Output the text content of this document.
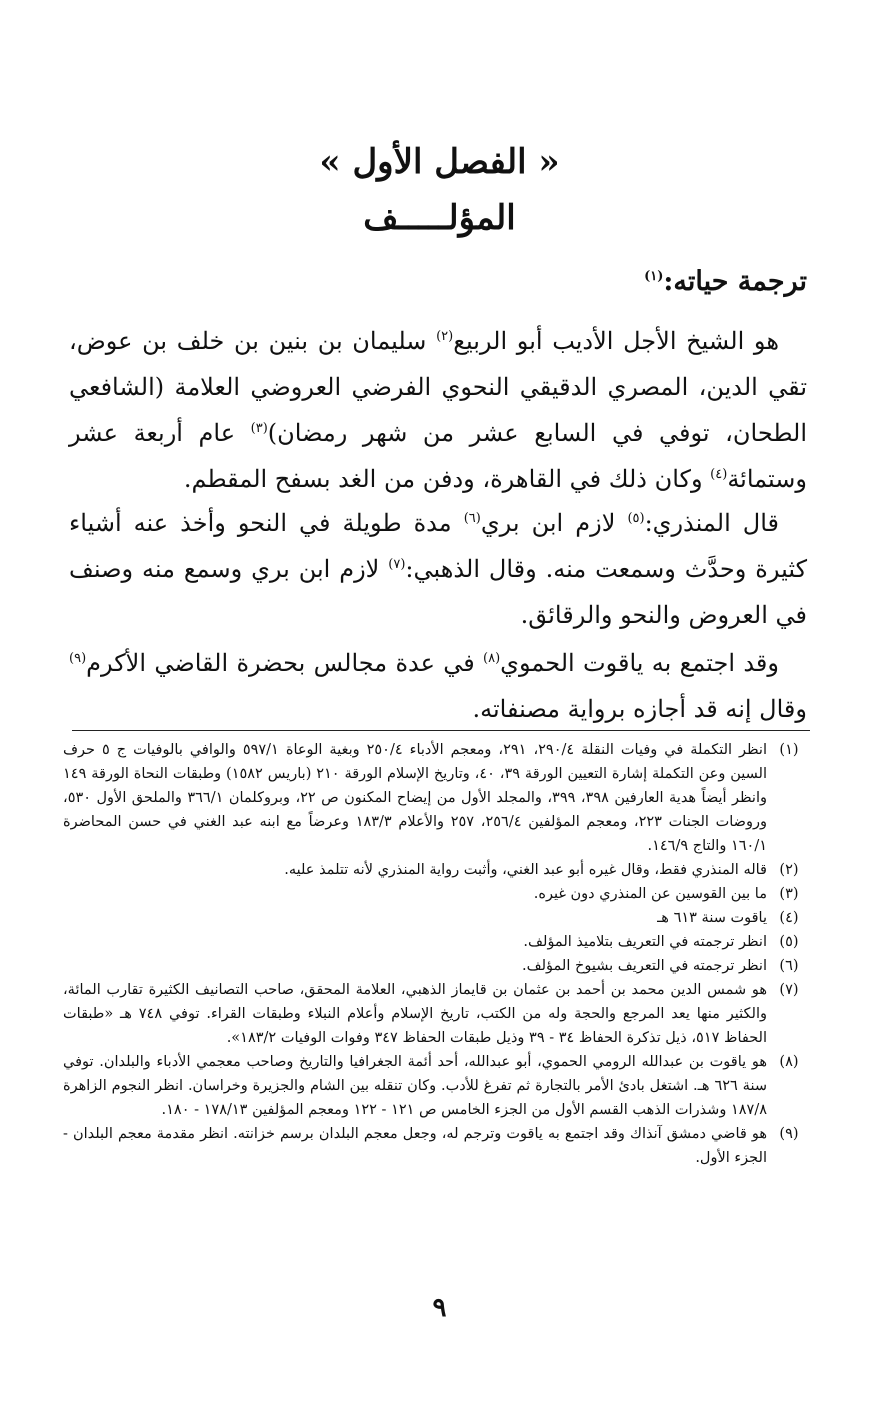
« الفصل الأول »
المؤلـــــف
ترجمة حياته:$^{(١)}$

هو الشيخ الأجل الأديب أبو الربيع$^{(٢)}$ سليمان بن بنين بن خلف بن عوض، تقي الدين، المصري الدقيقي النحوي الفرضي العروضي العلامة (الشافعي الطحان، توفي في السابع عشر من شهر رمضان)$^{(٣)}$ عام أربعة عشر وستمائة$^{(٤)}$ وكان ذلك في القاهرة، ودفن من الغد بسفح المقطم.

قال المنذري:$^{(٥)}$ لازم ابن بري$^{(٦)}$ مدة طويلة في النحو وأخذ عنه أشياء كثيرة وحدَّث وسمعت منه. وقال الذهبي:$^{(٧)}$ لازم ابن بري وسمع منه وصنف في العروض والنحو والرقائق.

وقد اجتمع به ياقوت الحموي$^{(٨)}$ في عدة مجالس بحضرة القاضي الأكرم$^{(٩)}$ وقال إنه قد أجازه برواية مصنفاته.

(١)
انظر التكملة في وفيات النقلة ٢٩٠/٤، ٢٩١، ومعجم الأدباء ٢٥٠/٤ وبغية الوعاة ٥٩٧/١ والوافي بالوفيات ج ٥ حرف السين وعن التكملة إشارة التعيين الورقة ٣٩، ٤٠، وتاريخ الإسلام الورقة ٢١٠ (باريس ١٥٨٢) وطبقات النحاة الورقة ١٤٩ وانظر أيضاً هدية العارفين ٣٩٨، ٣٩٩، والمجلد الأول من إيضاح المكنون ص ٢٢، وبروكلمان ٣٦٦/١ والملحق الأول ٥٣٠، وروضات الجنات ٢٢٣، ومعجم المؤلفين ٢٥٦/٤، ٢٥٧ والأعلام ١٨٣/٣ وعرضاً مع ابنه عبد الغني في حسن المحاضرة ١٦٠/١ والتاج ١٤٦/٩.
(٢)
قاله المنذري فقط، وقال غيره أبو عبد الغني، وأثبت رواية المنذري لأنه تتلمذ عليه.
(٣)
ما بين القوسين عن المنذري دون غيره.
(٤)
ياقوت سنة ٦١٣ هـ
(٥)
انظر ترجمته في التعريف بتلاميذ المؤلف.
(٦)
انظر ترجمته في التعريف بشيوخ المؤلف.
(٧)
هو شمس الدين محمد بن أحمد بن عثمان بن قايماز الذهبي، العلامة المحقق، صاحب التصانيف الكثيرة تقارب المائة، والكثير منها يعد المرجع والحجة وله من الكتب، تاريخ الإسلام وأعلام النبلاء وطبقات القراء. توفي ٧٤٨ هـ «طبقات الحفاظ ٥١٧، ذيل تذكرة الحفاظ ٣٤ - ٣٩ وذيل طبقات الحفاظ ٣٤٧ وفوات الوفيات ١٨٣/٢».
(٨)
هو ياقوت بن عبدالله الرومي الحموي، أبو عبدالله، أحد أئمة الجغرافيا والتاريخ وصاحب معجمي الأدباء والبلدان. توفي سنة ٦٢٦ هـ. اشتغل بادئ الأمر بالتجارة ثم تفرغ للأدب. وكان تنقله بين الشام والجزيرة وخراسان. انظر النجوم الزاهرة ١٨٧/٨ وشذرات الذهب القسم الأول من الجزء الخامس ص ١٢١ - ١٢٢ ومعجم المؤلفين ١٧٨/١٣ - ١٨٠.
(٩)
هو قاضي دمشق آنذاك وقد اجتمع به ياقوت وترجم له، وجعل معجم البلدان برسم خزانته. انظر مقدمة معجم البلدان - الجزء الأول.
٩
